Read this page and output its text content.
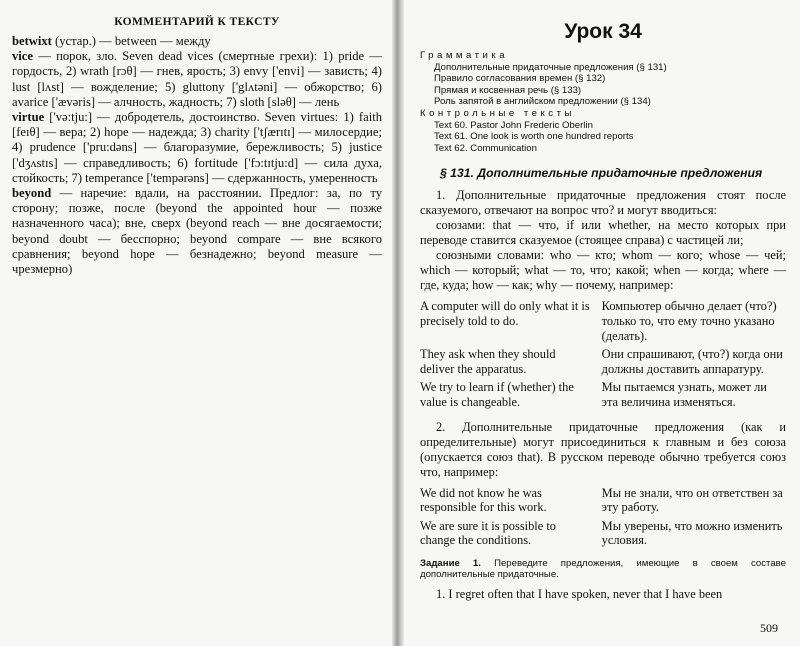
КОММЕНТАРИЙ К ТЕКСТУ

betwixt (устар.) — between — между

vice — порок, зло. Seven dead vices (смертные грехи): 1) pride — гордость, 2) wrath [rɔθ] — гнев, ярость; 3) envy ['envi] — зависть; 4) lust [lʌst] — вожделение; 5) gluttony ['glʌtəni] — обжорство; 6) avarice ['ævəris] — алчность, жадность; 7) sloth [sləθ] — лень

virtue ['və:tju:] — добродетель, достоинство. Seven virtues: 1) faith [feɪθ] — вера; 2) hope — надежда; 3) charity ['tʃærɪtɪ] — милосердие; 4) prudence ['pru:dəns] — благоразумие, бережливость; 5) justice ['dʒʌstɪs] — справедливость; 6) fortitude ['fɔ:tɪtju:d] — сила духа, стойкость; 7) temperance ['tempərəns] — сдержанность, умеренность

beyond — наречие: вдали, на расстоянии. Предлог: за, по ту сторону; позже, после (beyond the appointed hour — позже назначенного часа); вне, сверх (beyond reach — вне досягаемости; beyond doubt — бесспорно; beyond compare — вне всякого сравнения; beyond hope — безнадежно; beyond measure — чрезмерно)

Урок 34
Грамматика
Дополнительные придаточные предложения (§ 131)
Правило согласования времен (§ 132)
Прямая и косвенная речь (§ 133)
Роль запятой в английском предложении (§ 134)
Контрольные тексты
Text 60. Pastor John Frederic Oberlin
Text 61. One look is worth one hundred reports
Text 62. Communication
§ 131. Дополнительные придаточные предложения

1. Дополнительные придаточные предложения стоят после сказуемого, отвечают на вопрос что? и могут вводиться:

союзами: that — что, if или whether, на место которых при переводе ставится сказуемое (стоящее справа) с частицей ли;

союзными словами: who — кто; whom — кого; whose — чей; which — который; what — то, что; какой; when — когда; where — где, куда; how — как; why — почему, например:

A computer will do only what it is precisely told to do.	Компьютер обычно делает (что?) только то, что ему точно указано (делать).
They ask when they should deliver the apparatus.	Они спрашивают, (что?) когда они должны доставить аппаратуру.
We try to learn if (whether) the value is changeable.	Мы пытаемся узнать, может ли эта величина изменяться.

2. Дополнительные придаточные предложения (как и определительные) могут присоединиться к главным и без союза (опускается союз that). В русском переводе обычно требуется союз что, например:

We did not know he was responsible for this work.	Мы не знали, что он ответствен за эту работу.
We are sure it is possible to change the conditions.	Мы уверены, что можно изменить условия.
Задание 1. Переведите предложения, имеющие в своем составе дополнительные придаточные.

1. I regret often that I have spoken, never that I have been

509
